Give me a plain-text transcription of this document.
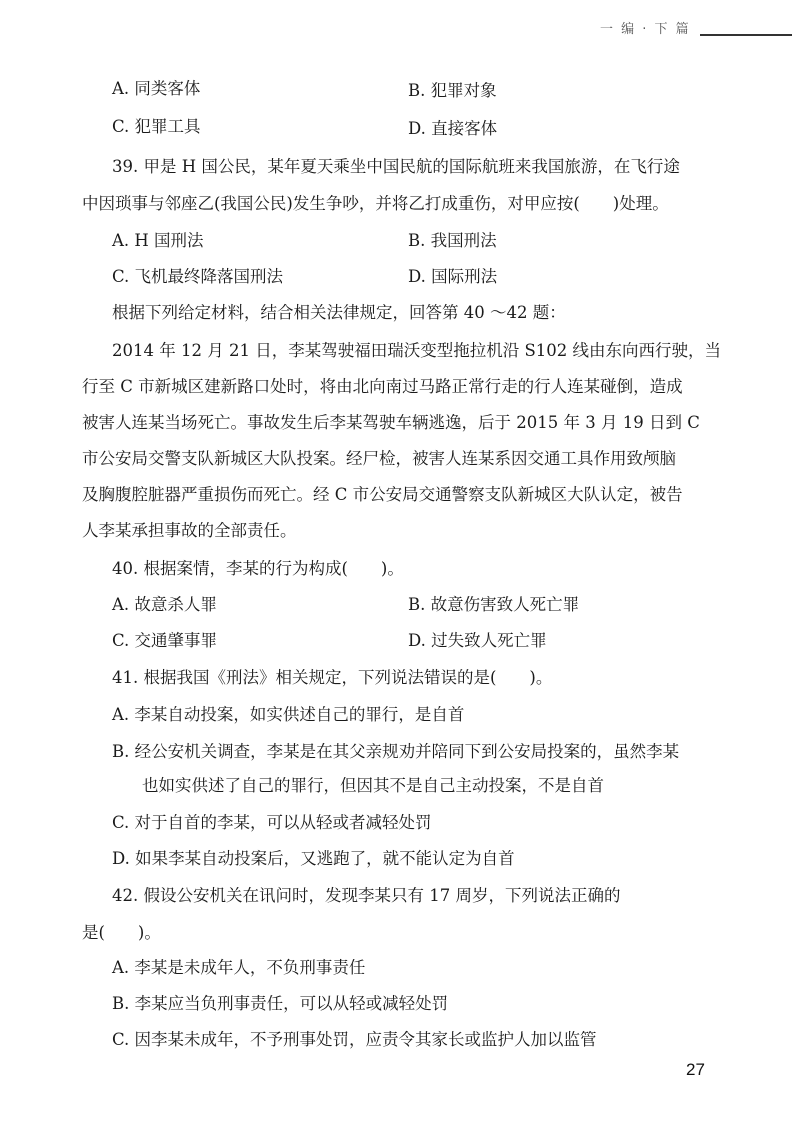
一 编 · 下 篇
A. 同类客体	B. 犯罪对象
C. 犯罪工具	D. 直接客体
39. 甲是 H 国公民，某年夏天乘坐中国民航的国际航班来我国旅游，在飞行途
中因琐事与邻座乙(我国公民)发生争吵，并将乙打成重伤，对甲应按(　　)处理。
A. H 国刑法	B. 我国刑法
C. 飞机最终降落国刑法	D. 国际刑法
根据下列给定材料，结合相关法律规定，回答第 40 ～42 题：
2014 年 12 月 21 日，李某驾驶福田瑞沃变型拖拉机沿 S102 线由东向西行驶，当
行至 C 市新城区建新路口处时，将由北向南过马路正常行走的行人连某碰倒，造成
被害人连某当场死亡。事故发生后李某驾驶车辆逃逸，后于 2015 年 3 月 19 日到 C
市公安局交警支队新城区大队投案。经尸检，被害人连某系因交通工具作用致颅脑
及胸腹腔脏器严重损伤而死亡。经 C 市公安局交通警察支队新城区大队认定，被告
人李某承担事故的全部责任。
40. 根据案情，李某的行为构成(　　)。
A. 故意杀人罪	B. 故意伤害致人死亡罪
C. 交通肇事罪	D. 过失致人死亡罪
41. 根据我国《刑法》相关规定，下列说法错误的是(　　)。
A. 李某自动投案，如实供述自己的罪行，是自首
B. 经公安机关调查，李某是在其父亲规劝并陪同下到公安局投案的，虽然李某
也如实供述了自己的罪行，但因其不是自己主动投案，不是自首
C. 对于自首的李某，可以从轻或者减轻处罚
D. 如果李某自动投案后，又逃跑了，就不能认定为自首
42. 假设公安机关在讯问时，发现李某只有 17 周岁，下列说法正确的
是(　　)。
A. 李某是未成年人，不负刑事责任
B. 李某应当负刑事责任，可以从轻或减轻处罚
C. 因李某未成年，不予刑事处罚，应责令其家长或监护人加以监管
27
